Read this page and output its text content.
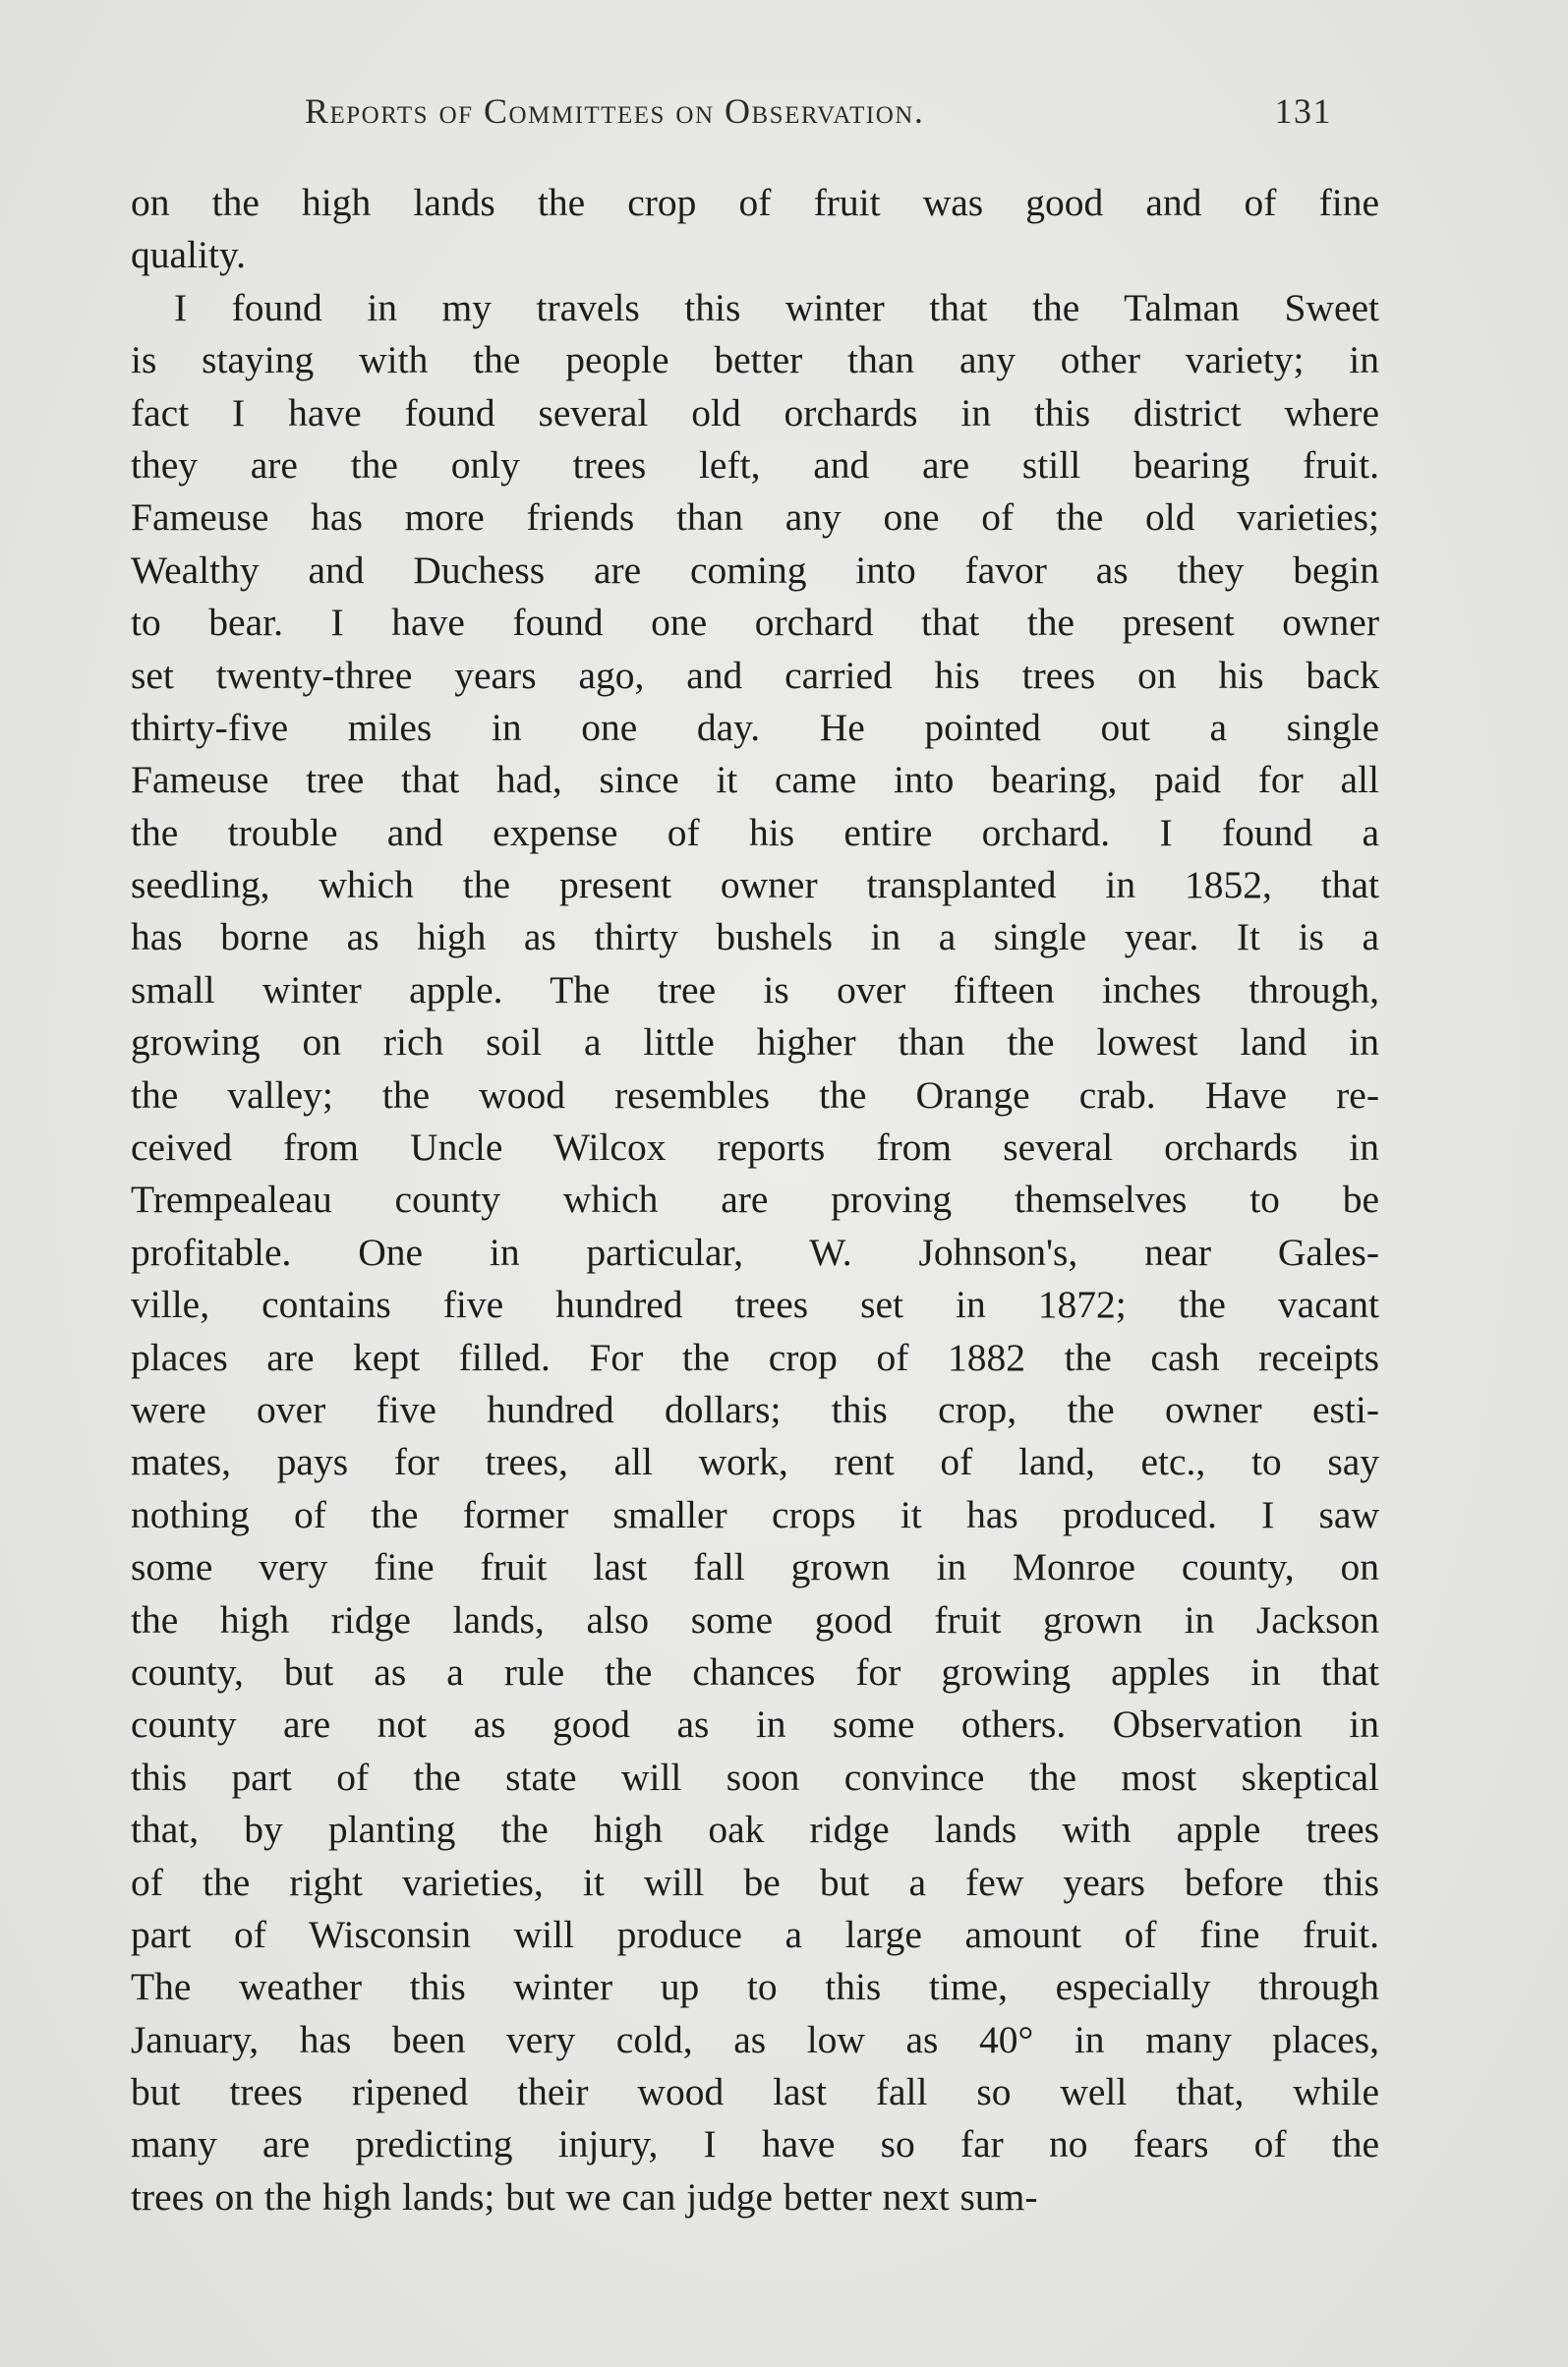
Reports of Committees on Observation.	131
on the high lands the crop of fruit was good and of fine
quality.
I found in my travels this winter that the Talman Sweet
is staying with the people better than any other variety; in
fact I have found several old orchards in this district where
they are the only trees left, and are still bearing fruit.
Fameuse has more friends than any one of the old varieties;
Wealthy and Duchess are coming into favor as they begin
to bear. I have found one orchard that the present owner
set twenty-three years ago, and carried his trees on his back
thirty-five miles in one day. He pointed out a single
Fameuse tree that had, since it came into bearing, paid for all
the trouble and expense of his entire orchard. I found a
seedling, which the present owner transplanted in 1852, that
has borne as high as thirty bushels in a single year. It is a
small winter apple. The tree is over fifteen inches through,
growing on rich soil a little higher than the lowest land in
the valley; the wood resembles the Orange crab. Have re-
ceived from Uncle Wilcox reports from several orchards in
Trempealeau county which are proving themselves to be
profitable. One in particular, W. Johnson's, near Gales-
ville, contains five hundred trees set in 1872; the vacant
places are kept filled. For the crop of 1882 the cash receipts
were over five hundred dollars; this crop, the owner esti-
mates, pays for trees, all work, rent of land, etc., to say
nothing of the former smaller crops it has produced. I saw
some very fine fruit last fall grown in Monroe county, on
the high ridge lands, also some good fruit grown in Jackson
county, but as a rule the chances for growing apples in that
county are not as good as in some others. Observation in
this part of the state will soon convince the most skeptical
that, by planting the high oak ridge lands with apple trees
of the right varieties, it will be but a few years before this
part of Wisconsin will produce a large amount of fine fruit.
The weather this winter up to this time, especially through
January, has been very cold, as low as 40° in many places,
but trees ripened their wood last fall so well that, while
many are predicting injury, I have so far no fears of the
trees on the high lands; but we can judge better next sum-
